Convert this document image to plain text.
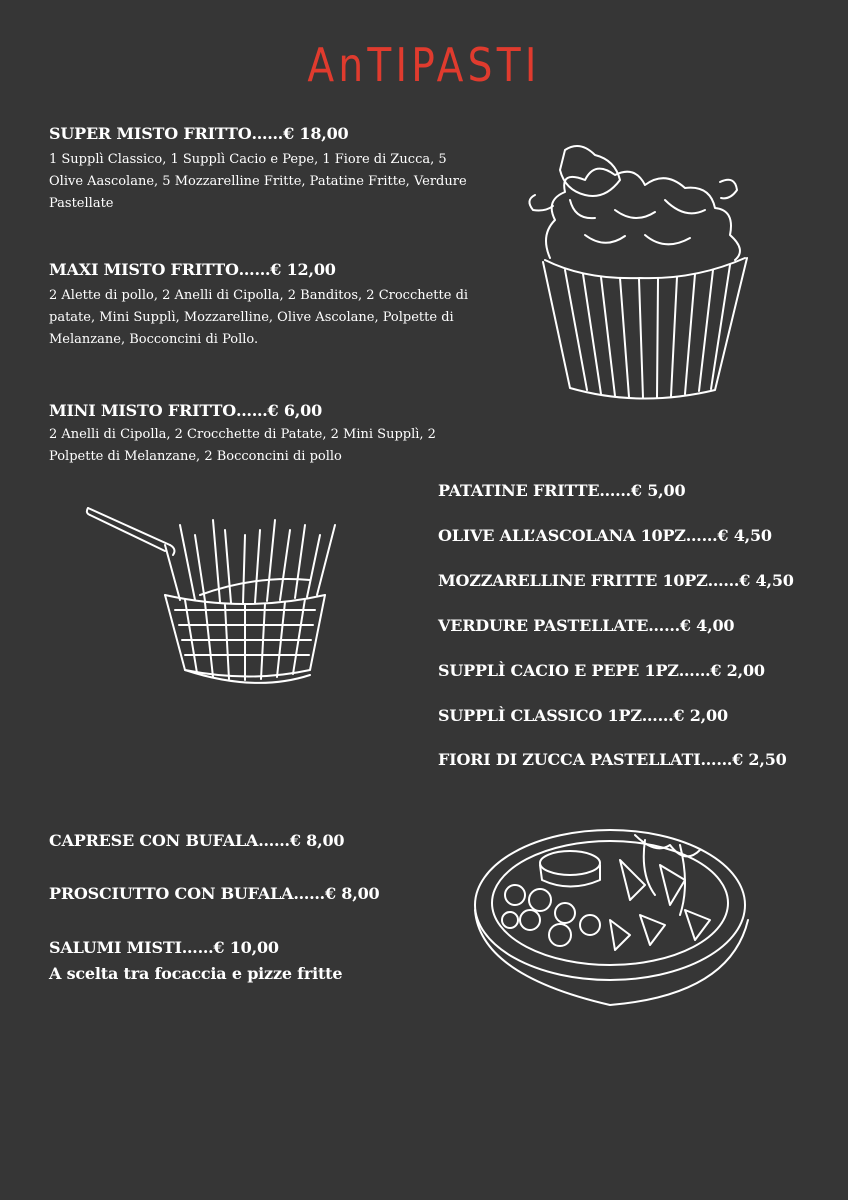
AnTIPASTI
SUPER MISTO FRITTO……€ 18,00
1 Supplì Classico, 1 Supplì Cacio e Pepe, 1 Fiore di Zucca, 5 Olive Aascolane, 5 Mozzarelline Fritte, Patatine Fritte, Verdure Pastellate
MAXI MISTO FRITTO……€ 12,00
2 Alette di pollo, 2 Anelli di Cipolla, 2 Banditos, 2 Crocchette di patate, Mini Supplì, Mozzarelline, Olive Ascolane, Polpette di Melanzane, Bocconcini di Pollo.
MINI MISTO FRITTO……€ 6,00
2 Anelli di Cipolla, 2 Crocchette di Patate, 2 Mini Supplì, 2 Polpette di Melanzane, 2 Bocconcini di pollo
PATATINE FRITTE……€ 5,00
OLIVE ALL’ASCOLANA 10PZ……€ 4,50
MOZZARELLINE FRITTE 10PZ……€ 4,50
VERDURE PASTELLATE……€ 4,00
SUPPLÌ CACIO E PEPE 1PZ……€ 2,00
SUPPLÌ CLASSICO 1PZ……€ 2,00
FIORI DI ZUCCA PASTELLATI……€ 2,50
CAPRESE CON BUFALA……€ 8,00
PROSCIUTTO CON BUFALA……€ 8,00
SALUMI MISTI……€ 10,00
A scelta tra focaccia e pizze fritte
